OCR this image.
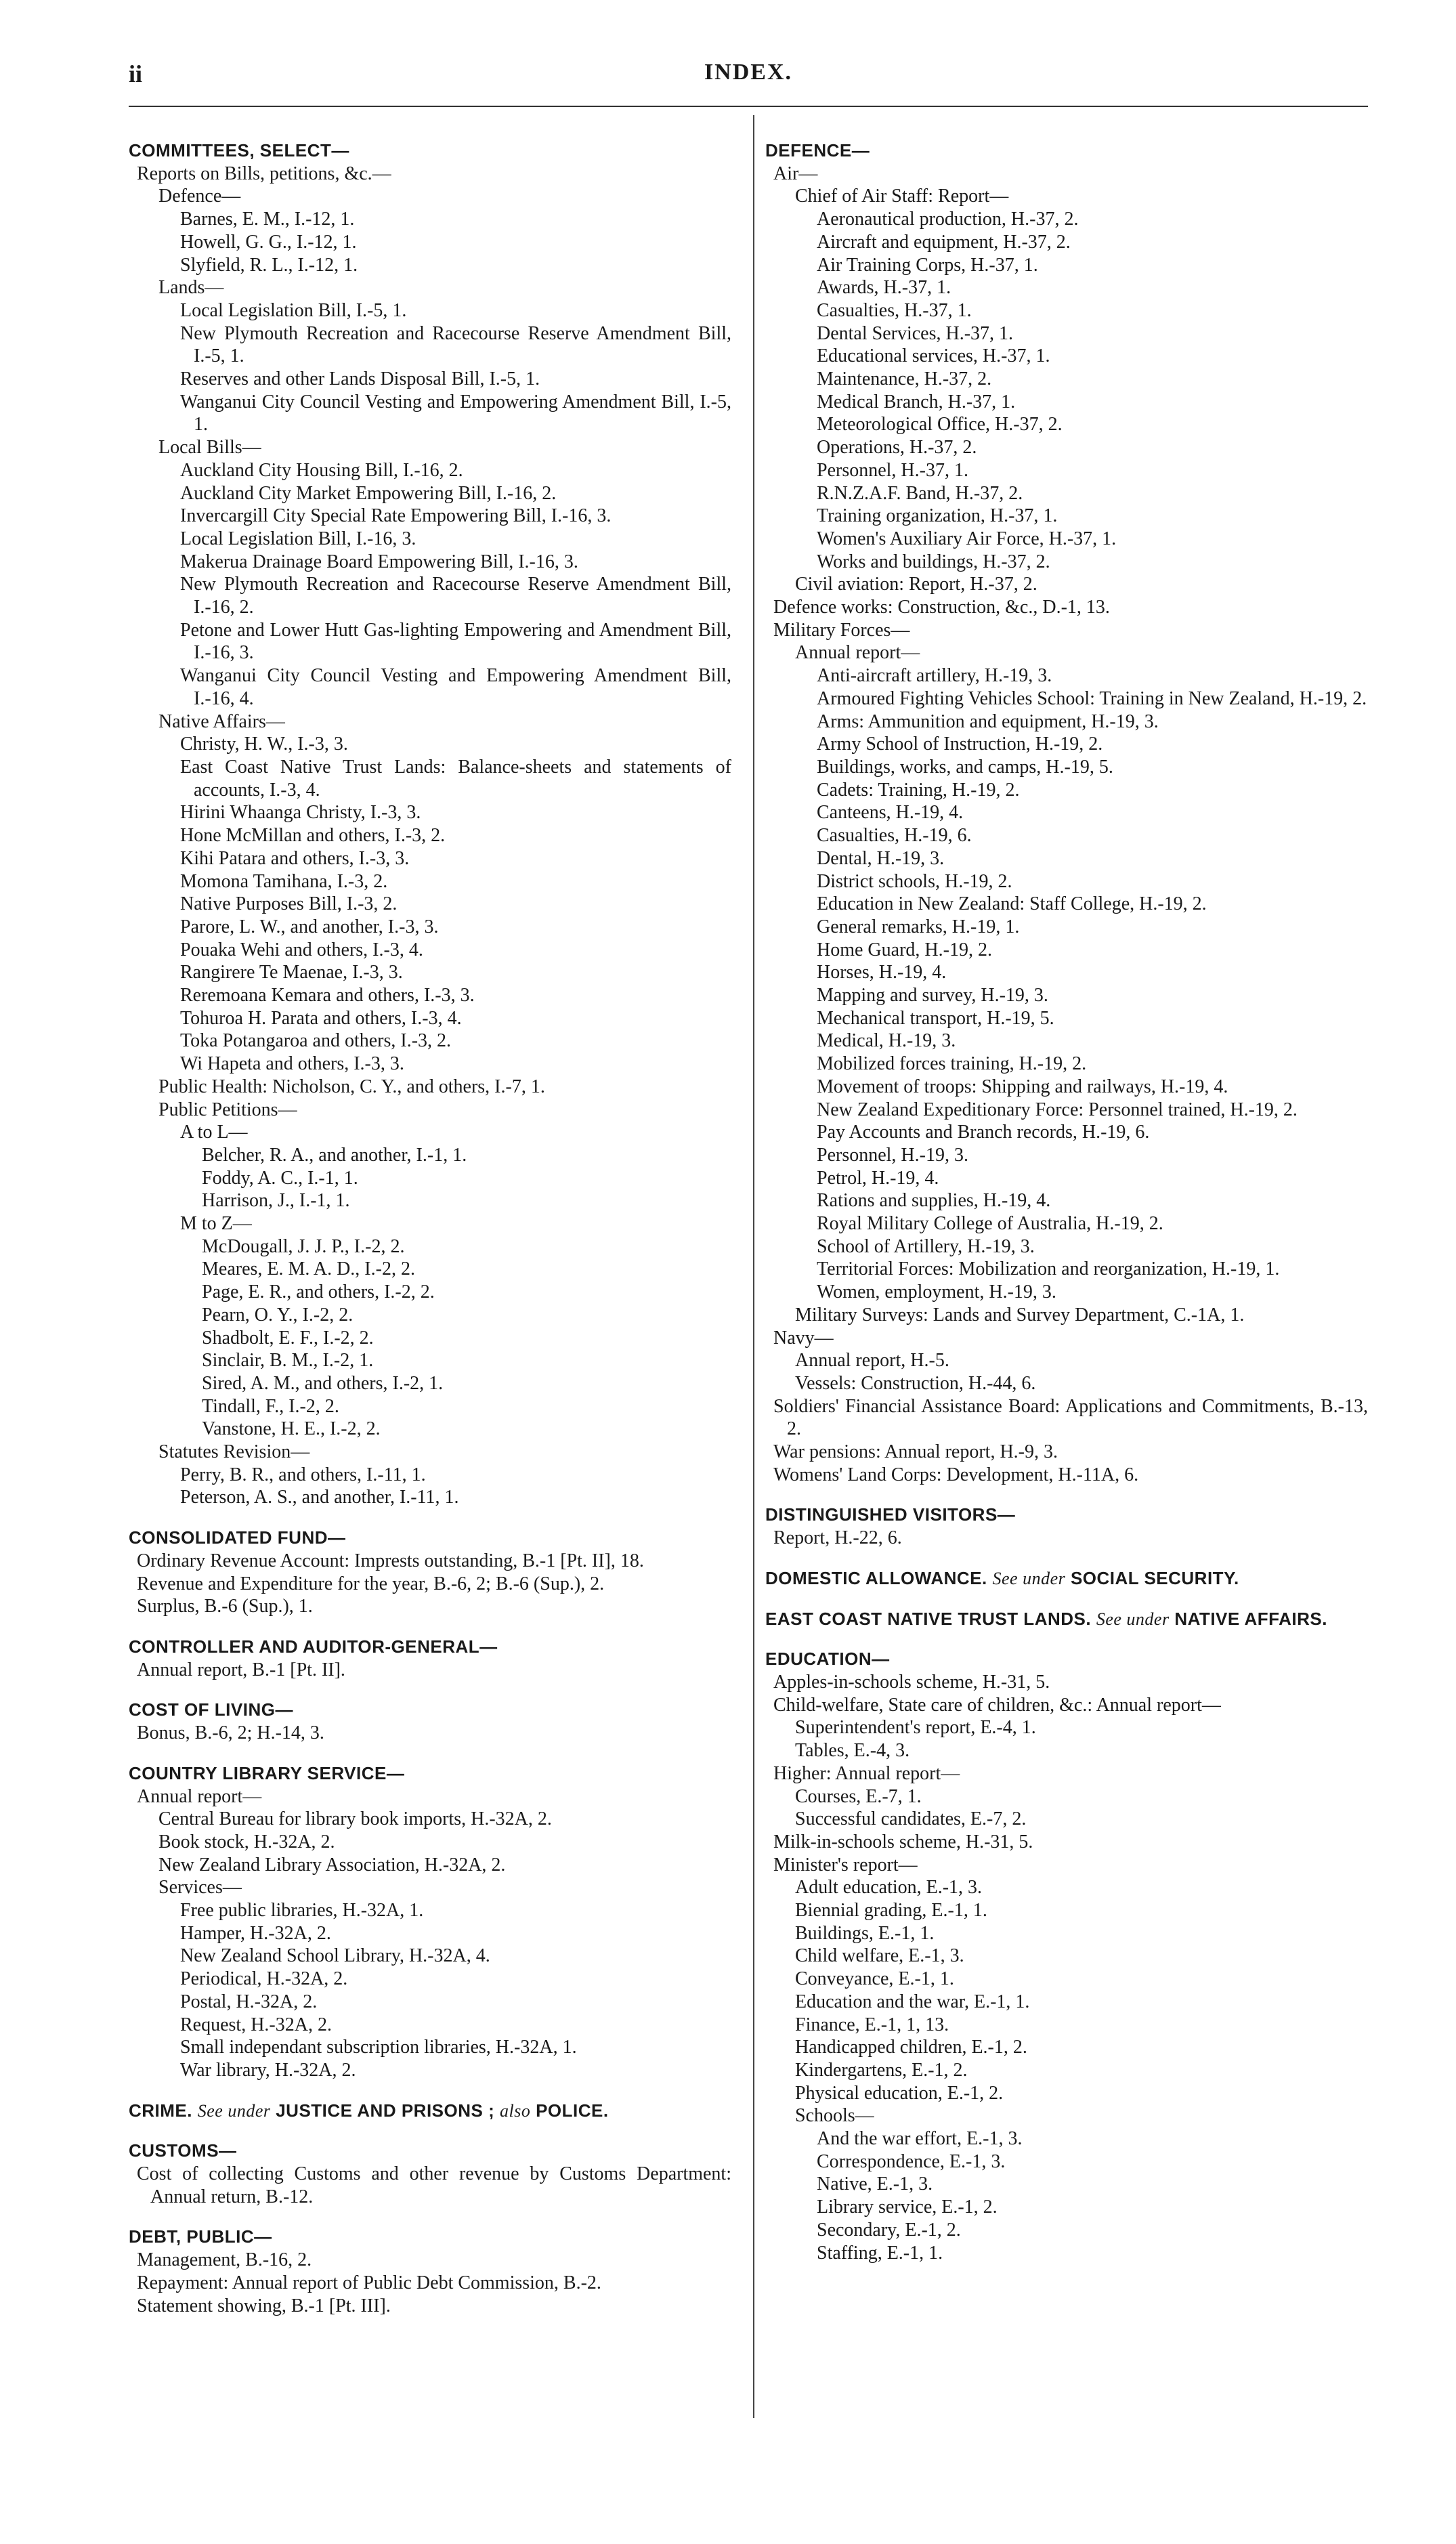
ii	INDEX.
COMMITTEES, SELECT—
Reports on Bills, petitions, &c.—
Defence—
Barnes, E. M., I.-12, 1.
Howell, G. G., I.-12, 1.
Slyfield, R. L., I.-12, 1.
Lands—
Local Legislation Bill, I.-5, 1.
New Plymouth Recreation and Racecourse Reserve Amendment Bill, I.-5, 1.
Reserves and other Lands Disposal Bill, I.-5, 1.
Wanganui City Council Vesting and Empowering Amendment Bill, I.-5, 1.
Local Bills—
Auckland City Housing Bill, I.-16, 2.
Auckland City Market Empowering Bill, I.-16, 2.
Invercargill City Special Rate Empowering Bill, I.-16, 3.
Local Legislation Bill, I.-16, 3.
Makerua Drainage Board Empowering Bill, I.-16, 3.
New Plymouth Recreation and Racecourse Reserve Amendment Bill, I.-16, 2.
Petone and Lower Hutt Gas-lighting Empowering and Amendment Bill, I.-16, 3.
Wanganui City Council Vesting and Empowering Amendment Bill, I.-16, 4.
Native Affairs—
Christy, H. W., I.-3, 3.
East Coast Native Trust Lands: Balance-sheets and statements of accounts, I.-3, 4.
Hirini Whaanga Christy, I.-3, 3.
Hone McMillan and others, I.-3, 2.
Kihi Patara and others, I.-3, 3.
Momona Tamihana, I.-3, 2.
Native Purposes Bill, I.-3, 2.
Parore, L. W., and another, I.-3, 3.
Pouaka Wehi and others, I.-3, 4.
Rangirere Te Maenae, I.-3, 3.
Reremoana Kemara and others, I.-3, 3.
Tohuroa H. Parata and others, I.-3, 4.
Toka Potangaroa and others, I.-3, 2.
Wi Hapeta and others, I.-3, 3.
Public Health: Nicholson, C. Y., and others, I.-7, 1.
Public Petitions—
A to L—
Belcher, R. A., and another, I.-1, 1.
Foddy, A. C., I.-1, 1.
Harrison, J., I.-1, 1.
M to Z—
McDougall, J. J. P., I.-2, 2.
Meares, E. M. A. D., I.-2, 2.
Page, E. R., and others, I.-2, 2.
Pearn, O. Y., I.-2, 2.
Shadbolt, E. F., I.-2, 2.
Sinclair, B. M., I.-2, 1.
Sired, A. M., and others, I.-2, 1.
Tindall, F., I.-2, 2.
Vanstone, H. E., I.-2, 2.
Statutes Revision—
Perry, B. R., and others, I.-11, 1.
Peterson, A. S., and another, I.-11, 1.
CONSOLIDATED FUND—
Ordinary Revenue Account: Imprests outstanding, B.-1 [Pt. II], 18.
Revenue and Expenditure for the year, B.-6, 2; B.-6 (Sup.), 2.
Surplus, B.-6 (Sup.), 1.
CONTROLLER AND AUDITOR-GENERAL—
Annual report, B.-1 [Pt. II].
COST OF LIVING—
Bonus, B.-6, 2; H.-14, 3.
COUNTRY LIBRARY SERVICE—
Annual report—
Central Bureau for library book imports, H.-32A, 2.
Book stock, H.-32A, 2.
New Zealand Library Association, H.-32A, 2.
Services—
Free public libraries, H.-32A, 1.
Hamper, H.-32A, 2.
New Zealand School Library, H.-32A, 4.
Periodical, H.-32A, 2.
Postal, H.-32A, 2.
Request, H.-32A, 2.
Small independant subscription libraries, H.-32A, 1.
War library, H.-32A, 2.
CRIME. See under JUSTICE AND PRISONS ; also POLICE.
CUSTOMS—
Cost of collecting Customs and other revenue by Customs Department: Annual return, B.-12.
DEBT, PUBLIC—
Management, B.-16, 2.
Repayment: Annual report of Public Debt Commission, B.-2.
Statement showing, B.-1 [Pt. III].
DEFENCE—
Air—
Chief of Air Staff: Report—
Aeronautical production, H.-37, 2.
Aircraft and equipment, H.-37, 2.
Air Training Corps, H.-37, 1.
Awards, H.-37, 1.
Casualties, H.-37, 1.
Dental Services, H.-37, 1.
Educational services, H.-37, 1.
Maintenance, H.-37, 2.
Medical Branch, H.-37, 1.
Meteorological Office, H.-37, 2.
Operations, H.-37, 2.
Personnel, H.-37, 1.
R.N.Z.A.F. Band, H.-37, 2.
Training organization, H.-37, 1.
Women's Auxiliary Air Force, H.-37, 1.
Works and buildings, H.-37, 2.
Civil aviation: Report, H.-37, 2.
Defence works: Construction, &c., D.-1, 13.
Military Forces—
Annual report—
Anti-aircraft artillery, H.-19, 3.
Armoured Fighting Vehicles School: Training in New Zealand, H.-19, 2.
Arms: Ammunition and equipment, H.-19, 3.
Army School of Instruction, H.-19, 2.
Buildings, works, and camps, H.-19, 5.
Cadets: Training, H.-19, 2.
Canteens, H.-19, 4.
Casualties, H.-19, 6.
Dental, H.-19, 3.
District schools, H.-19, 2.
Education in New Zealand: Staff College, H.-19, 2.
General remarks, H.-19, 1.
Home Guard, H.-19, 2.
Horses, H.-19, 4.
Mapping and survey, H.-19, 3.
Mechanical transport, H.-19, 5.
Medical, H.-19, 3.
Mobilized forces training, H.-19, 2.
Movement of troops: Shipping and railways, H.-19, 4.
New Zealand Expeditionary Force: Personnel trained, H.-19, 2.
Pay Accounts and Branch records, H.-19, 6.
Personnel, H.-19, 3.
Petrol, H.-19, 4.
Rations and supplies, H.-19, 4.
Royal Military College of Australia, H.-19, 2.
School of Artillery, H.-19, 3.
Territorial Forces: Mobilization and reorganization, H.-19, 1.
Women, employment, H.-19, 3.
Military Surveys: Lands and Survey Department, C.-1A, 1.
Navy—
Annual report, H.-5.
Vessels: Construction, H.-44, 6.
Soldiers' Financial Assistance Board: Applications and Commitments, B.-13, 2.
War pensions: Annual report, H.-9, 3.
Womens' Land Corps: Development, H.-11A, 6.
DISTINGUISHED VISITORS—
Report, H.-22, 6.
DOMESTIC ALLOWANCE. See under SOCIAL SECURITY.
EAST COAST NATIVE TRUST LANDS. See under NATIVE AFFAIRS.
EDUCATION—
Apples-in-schools scheme, H.-31, 5.
Child-welfare, State care of children, &c.: Annual report—
Superintendent's report, E.-4, 1.
Tables, E.-4, 3.
Higher: Annual report—
Courses, E.-7, 1.
Successful candidates, E.-7, 2.
Milk-in-schools scheme, H.-31, 5.
Minister's report—
Adult education, E.-1, 3.
Biennial grading, E.-1, 1.
Buildings, E.-1, 1.
Child welfare, E.-1, 3.
Conveyance, E.-1, 1.
Education and the war, E.-1, 1.
Finance, E.-1, 1, 13.
Handicapped children, E.-1, 2.
Kindergartens, E.-1, 2.
Physical education, E.-1, 2.
Schools—
And the war effort, E.-1, 3.
Correspondence, E.-1, 3.
Native, E.-1, 3.
Library service, E.-1, 2.
Secondary, E.-1, 2.
Staffing, E.-1, 1.
